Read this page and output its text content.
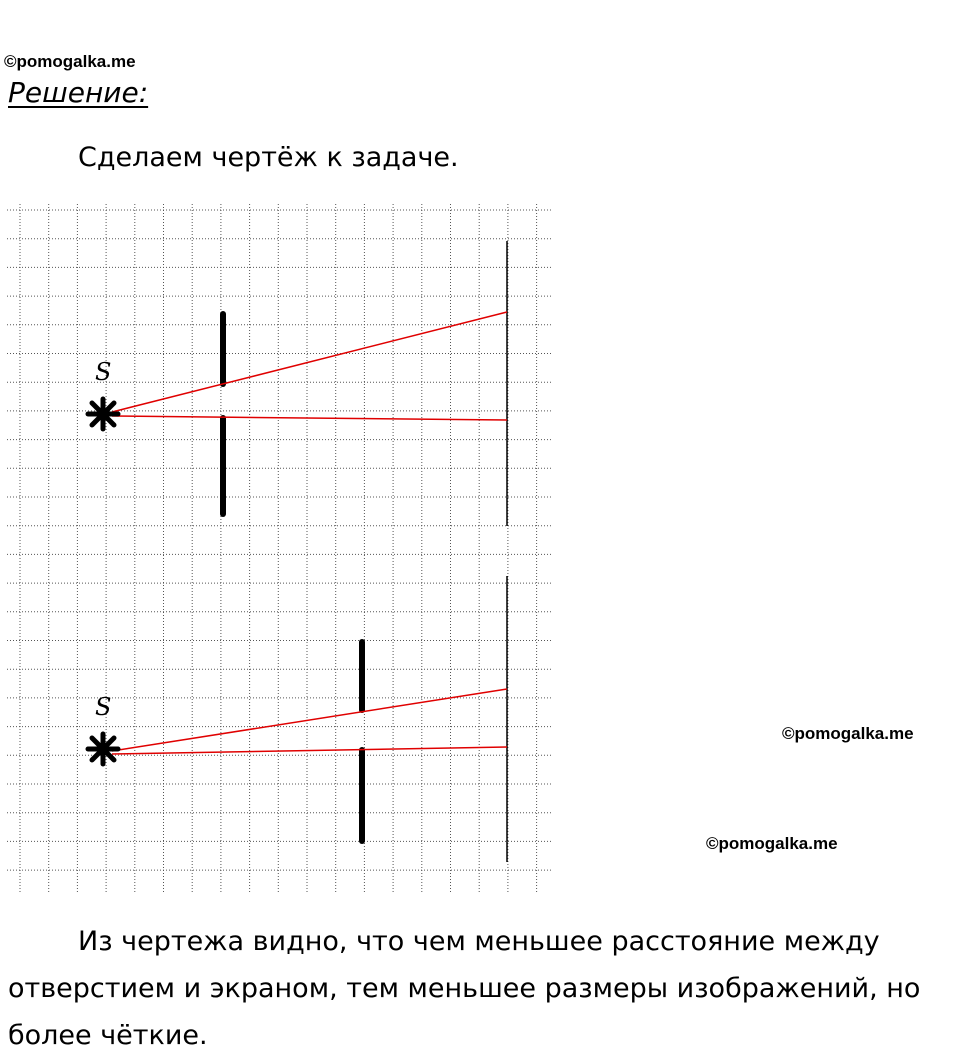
©pomogalka.me
Решение:
Сделаем чертёж к задаче.
S
S
©pomogalka.me
©pomogalka.me
Из чертежа видно, что чем меньшее расстояние между отверстием и экраном, тем меньшее размеры изображений, но более чёткие.
